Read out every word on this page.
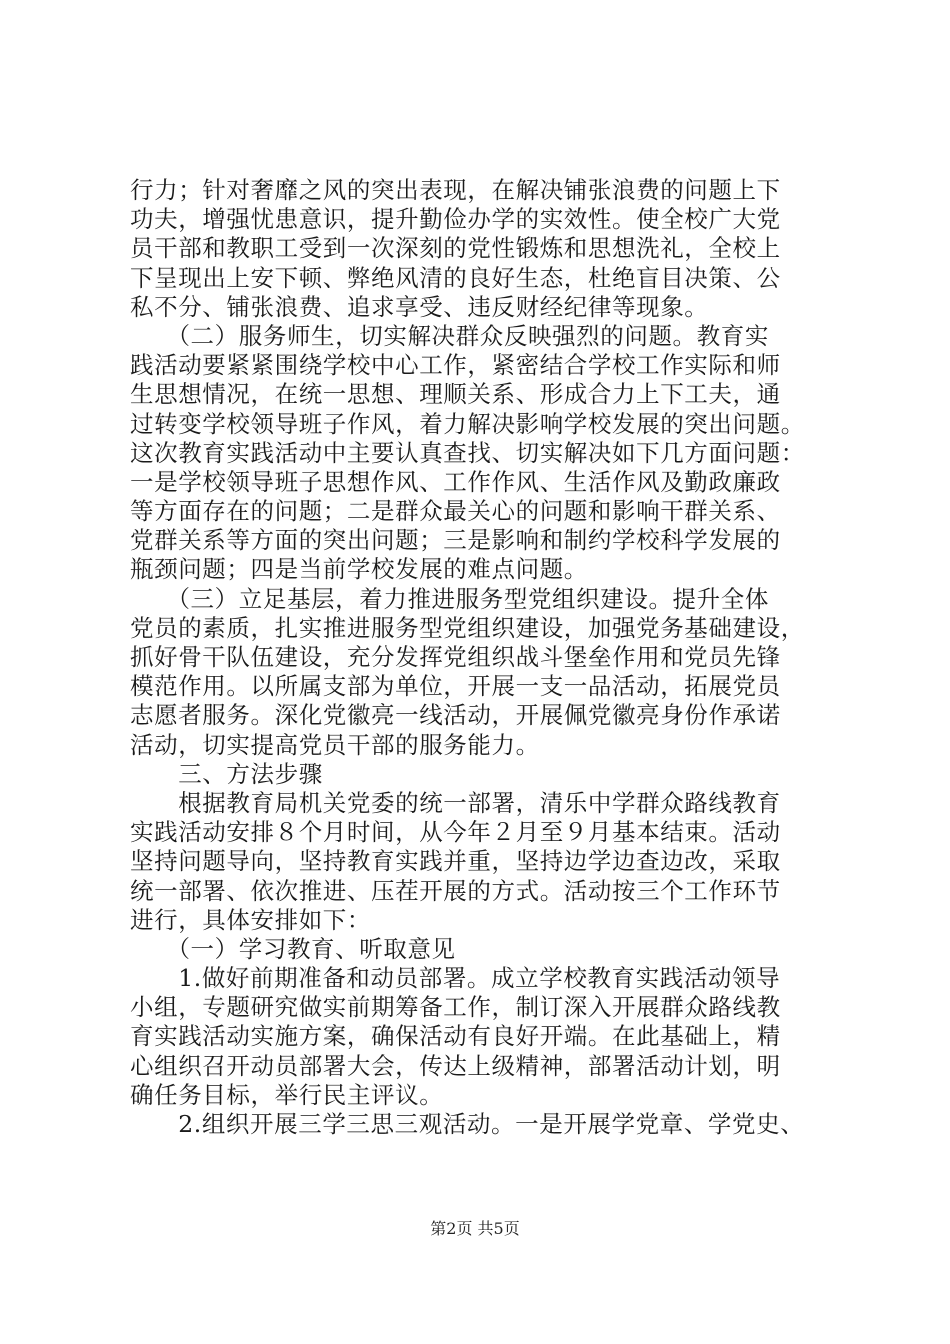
行力；针对奢靡之风的突出表现，在解决铺张浪费的问题上下
功夫，增强忧患意识，提升勤俭办学的实效性。使全校广大党
员干部和教职工受到一次深刻的党性锻炼和思想洗礼，全校上
下呈现出上安下顿、弊绝风清的良好生态，杜绝盲目决策、公
私不分、铺张浪费、追求享受、违反财经纪律等现象。
　　（二）服务师生，切实解决群众反映强烈的问题。教育实
践活动要紧紧围绕学校中心工作，紧密结合学校工作实际和师
生思想情况，在统一思想、理顺关系、形成合力上下工夫，通
过转变学校领导班子作风，着力解决影响学校发展的突出问题。
这次教育实践活动中主要认真查找、切实解决如下几方面问题：
一是学校领导班子思想作风、工作作风、生活作风及勤政廉政
等方面存在的问题；二是群众最关心的问题和影响干群关系、
党群关系等方面的突出问题；三是影响和制约学校科学发展的
瓶颈问题；四是当前学校发展的难点问题。
　　（三）立足基层，着力推进服务型党组织建设。提升全体
党员的素质，扎实推进服务型党组织建设，加强党务基础建设，
抓好骨干队伍建设，充分发挥党组织战斗堡垒作用和党员先锋
模范作用。以所属支部为单位，开展一支一品活动，拓展党员
志愿者服务。深化党徽亮一线活动，开展佩党徽亮身份作承诺
活动，切实提高党员干部的服务能力。
　　三、方法步骤
　　根据教育局机关党委的统一部署，清乐中学群众路线教育
实践活动安排８个月时间，从今年２月至９月基本结束。活动
坚持问题导向，坚持教育实践并重，坚持边学边查边改，采取
统一部署、依次推进、压茬开展的方式。活动按三个工作环节
进行，具体安排如下：
　　（一）学习教育、听取意见
　　1.做好前期准备和动员部署。成立学校教育实践活动领导
小组，专题研究做实前期筹备工作，制订深入开展群众路线教
育实践活动实施方案，确保活动有良好开端。在此基础上，精
心组织召开动员部署大会，传达上级精神，部署活动计划，明
确任务目标，举行民主评议。
　　2.组织开展三学三思三观活动。一是开展学党章、学党史、
第2页 共5页
